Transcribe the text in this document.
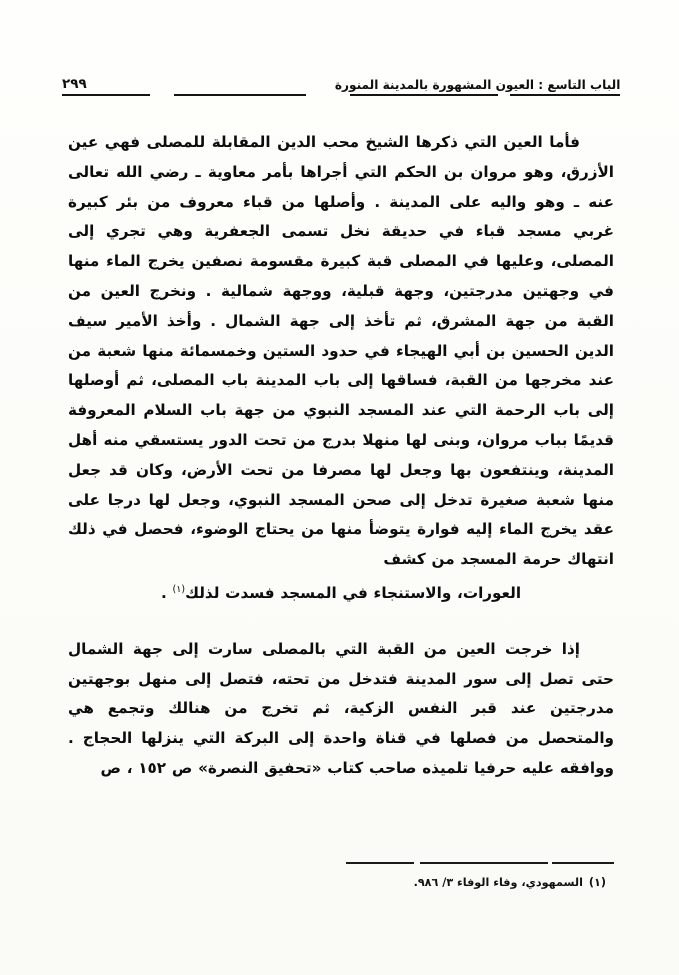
الباب التاسع : العيون المشهورة بالمدينة المنورة
٢٩٩

فأما العين التي ذكرها الشيخ محب الدين المقابلة للمصلى فهي عين الأزرق، وهو مروان بن الحكم التي أجراها بأمر معاوية ـ رضي الله تعالى عنه ـ وهو واليه على المدينة . وأصلها من قباء معروف من بئر كبيرة غربي مسجد قباء في حديقة نخل تسمى الجعفرية وهي تجري إلى المصلى، وعليها في المصلى قبة كبيرة مقسومة نصفين يخرج الماء منها في وجهتين مدرجتين، وجهة قبلية، ووجهة شمالية . ونخرج العين من القبة من جهة المشرق، ثم تأخذ إلى جهة الشمال . وأخذ الأمير سيف الدين الحسين بن أبي الهيجاء في حدود الستين وخمسمائة منها شعبة من عند مخرجها من القبة، فساقها إلى باب المدينة باب المصلى، ثم أوصلها إلى باب الرحمة التي عند المسجد النبوي من جهة باب السلام المعروفة قديمًا بباب مروان، وبنى لها منهلا بدرج من تحت الدور يستسقي منه أهل المدينة، وينتفعون بها وجعل لها مصرفا من تحت الأرض، وكان قد جعل منها شعبة صغيرة تدخل إلى صحن المسجد النبوي، وجعل لها درجا على عقد يخرج الماء إليه فوارة يتوضأ منها من يحتاج الوضوء، فحصل في ذلك انتهاك حرمة المسجد من كشف
العورات، والاستنجاء في المسجد فسدت لذلك$^{(١)}$ .

إذا خرجت العين من القبة التي بالمصلى سارت إلى جهة الشمال حتى تصل إلى سور المدينة فتدخل من تحته، فتصل إلى منهل بوجهتين مدرجتين عند قبر النفس الزكية، ثم تخرج من هنالك وتجمع هي والمتحصل من فصلها في قناة واحدة إلى البركة التي ينزلها الحجاج . ووافقه عليه حرفيا تلميذه صاحب كتاب «تحفيق النصرة» ص ١٥٢ ، ص

(١)السمهودي، وفاء الوفاء ٣/ ٩٨٦.
